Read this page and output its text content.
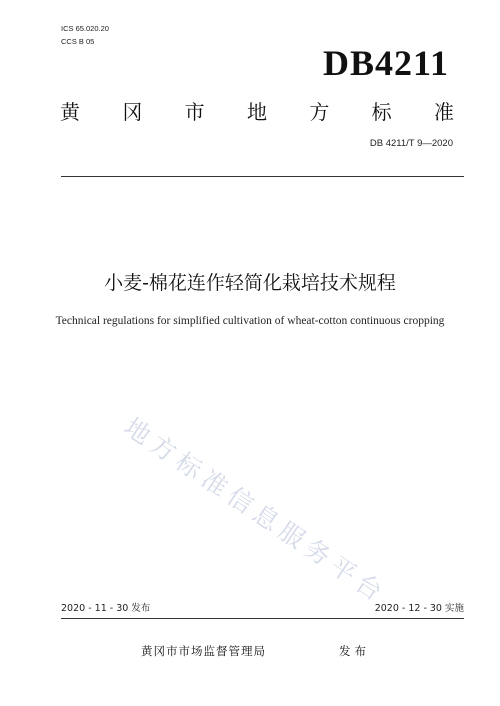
ICS 65.020.20
CCS B 05
DB4211
黄 冈 市 地 方 标 准
DB 4211/T 9—2020
小麦-棉花连作轻简化栽培技术规程
Technical regulations for simplified cultivation of wheat-cotton continuous cropping
地方标准信息服务平台
2020 - 11 - 30 发布	2020 - 12 - 30 实施
黄冈市市场监督管理局	发布
